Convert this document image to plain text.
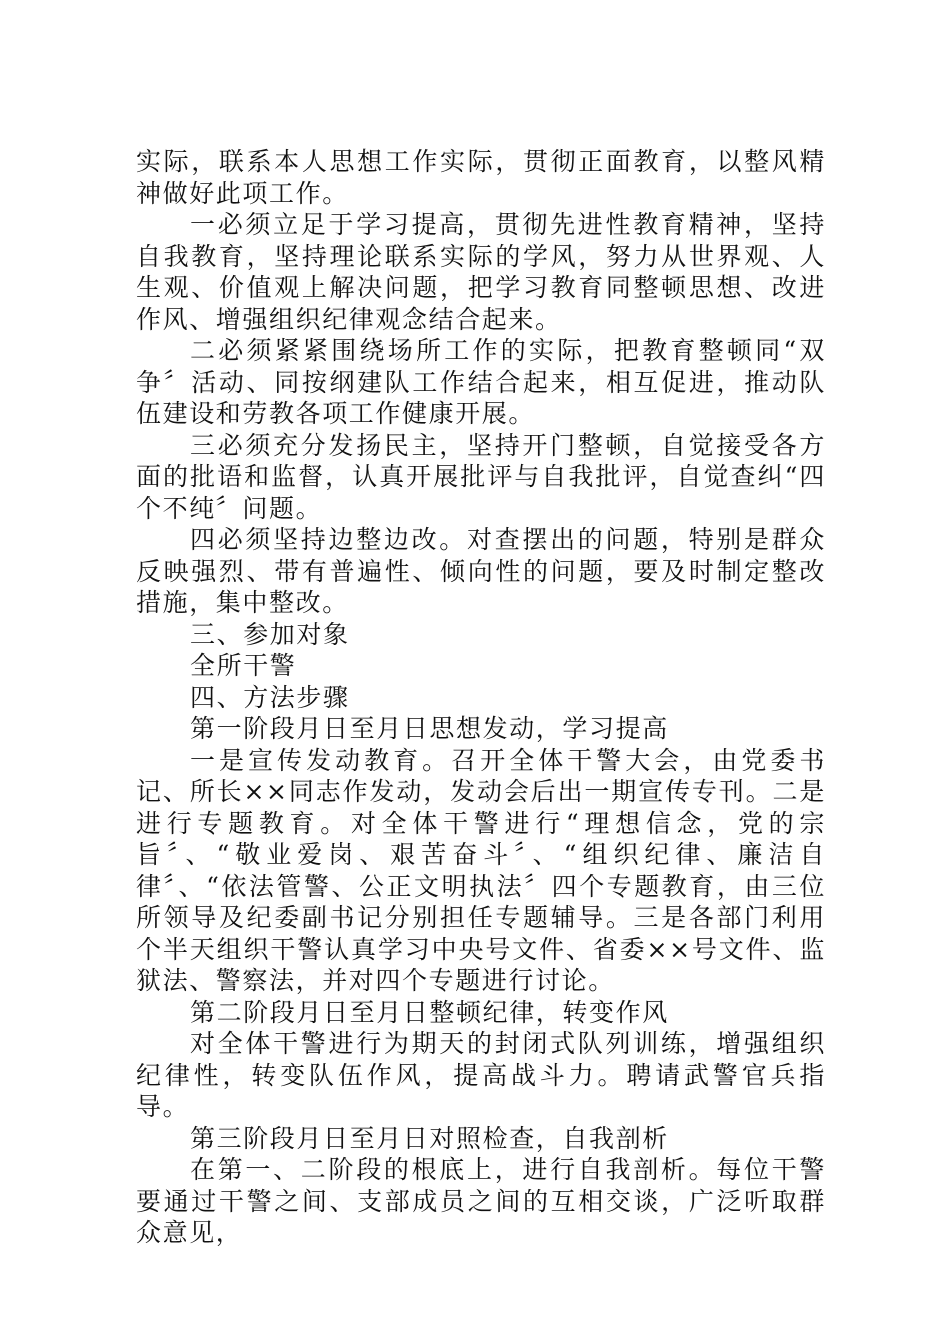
实际，联系本人思想工作实际，贯彻正面教育，以整风精神做好此项工作。

一必须立足于学习提高，贯彻先进性教育精神，坚持自我教育，坚持理论联系实际的学风，努力从世界观、人生观、价值观上解决问题，把学习教育同整顿思想、改进作风、增强组织纪律观念结合起来。

二必须紧紧围绕场所工作的实际，把教育整顿同“双争〞活动、同按纲建队工作结合起来，相互促进，推动队伍建设和劳教各项工作健康开展。

三必须充分发扬民主，坚持开门整顿，自觉接受各方面的批语和监督，认真开展批评与自我批评，自觉查纠“四个不纯〞问题。

四必须坚持边整边改。对查摆出的问题，特别是群众反映强烈、带有普遍性、倾向性的问题，要及时制定整改措施，集中整改。

三、参加对象

全所干警

四、方法步骤

第一阶段月日至月日思想发动，学习提高

一是宣传发动教育。召开全体干警大会，由党委书记、所长××同志作发动，发动会后出一期宣传专刊。二是进行专题教育。对全体干警进行“理想信念，党的宗旨〞、“敬业爱岗、艰苦奋斗〞、“组织纪律、廉洁自律〞、“依法管警、公正文明执法〞四个专题教育，由三位所领导及纪委副书记分别担任专题辅导。三是各部门利用个半天组织干警认真学习中央号文件、省委××号文件、监狱法、警察法，并对四个专题进行讨论。

第二阶段月日至月日整顿纪律，转变作风

对全体干警进行为期天的封闭式队列训练，增强组织纪律性，转变队伍作风，提高战斗力。聘请武警官兵指导。

第三阶段月日至月日对照检查，自我剖析

在第一、二阶段的根底上，进行自我剖析。每位干警要通过干警之间、支部成员之间的互相交谈，广泛听取群众意见，
